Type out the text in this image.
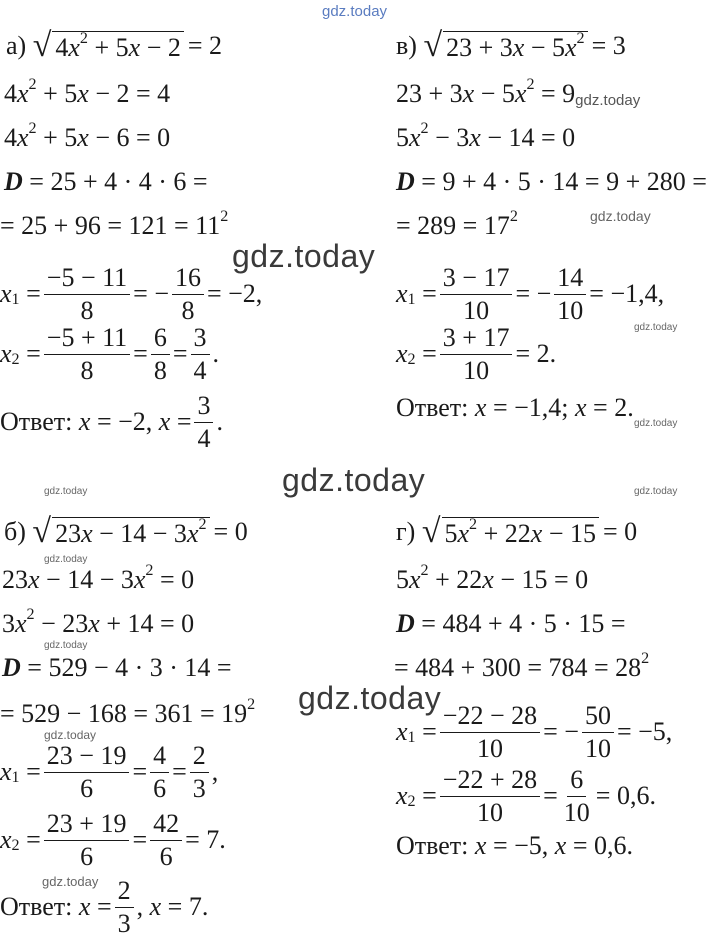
gdz.today
gdz.today
gdz.today
gdz.today
gdz.today
gdz.today
gdz.today
gdz.today
gdz.today
gdz.today
gdz.today
gdz.today
gdz.today
а)
√ 4 $x^2 + 5$ x − 2 = 2
4 $x^2 + 5$ x − 2 = 4
4 $x^2 + 5$ x − 6 = 0
D = 25 + 4 · 4 · 6 =
= $25 + 96 = 121 = 11^2$
$x_1$
= $\frac{-5 - 11}{8}$ = − $\frac{16}{8} = -2$,
$x_2$
= $\frac{-5 + 11}{8} = \frac{6}{8} = \frac{3}{4}$ .
Ответ:
x = −2, $x = \frac{3}{4}$ .
в)
√ 23 + 3 x − 5 $x^2 = 3$
23 + 3 x − 5 $x^2 = 9$ gdz.today
5 $x^2 - 3$ x − 14 = 0
D = 9 + 4 · 5 · 14 = 9 + 280 =
= $289 = 17^2$
$x_1$
= $\frac{3 - 17}{10}$ = − $\frac{14}{10} = -1,4$,
$x_2$
= $\frac{3 + 17}{10} = 2$.
Ответ:
x = −1,4; x = 2.
б)
√ 23 x − 14 − 3 $x^2 = 0$
23 x − 14 − 3 $x^2 = 0$
3 $x^2 - 23$ x + 14 = 0
D = 529 − 4 · 3 · 14 =
= $529 - 168 = 361 = 19^2$
$x_1$
= $\frac{23 - 19}{6} = \frac{4}{6} = \frac{2}{3}$ ,
$x_2$
= $\frac{23 + 19}{6} = \frac{42}{6} = 7$.
Ответ:
$x = \frac{2}{3}$ , x = 7.
г)
√ 5 $x^2 + 22$ x − 15 = 0
5 $x^2 + 22$ x − 15 = 0
D = 484 + 4 · 5 · 15 =
= $484 + 300 = 784 = 28^2$
$x_1$
= $\frac{-22 - 28}{10}$ = − $\frac{50}{10} = -5$,
$x_2$
= $\frac{-22 + 28}{10} = \frac{6}{10} = 0,6$.
Ответ:
x = −5, x = 0,6.
